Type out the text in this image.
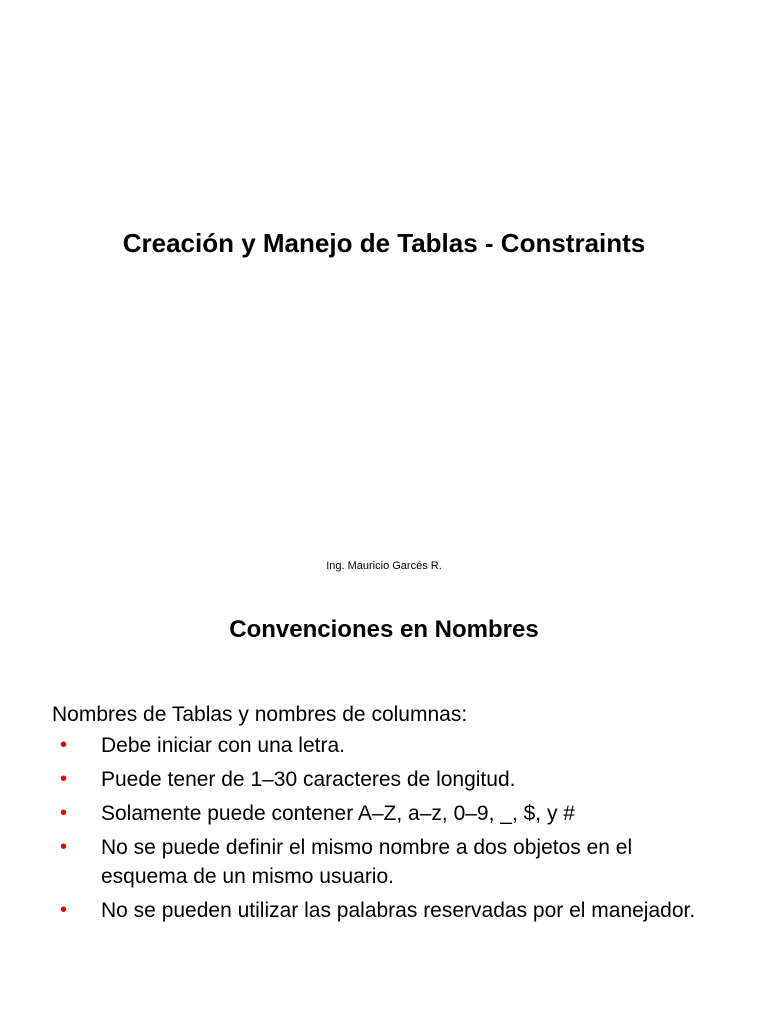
Creación y Manejo de Tablas - Constraints
Ing. Mauricio Garcés R.
Convenciones en Nombres
Nombres de Tablas y nombres de columnas:
• Debe iniciar con una letra.
• Puede tener de 1–30 caracteres de longitud.
• Solamente puede contener A–Z, a–z, 0–9, _, $, y #
• No se puede definir el mismo nombre a dos objetos en el esquema de un mismo usuario.
• No se pueden utilizar las palabras reservadas por el manejador.
